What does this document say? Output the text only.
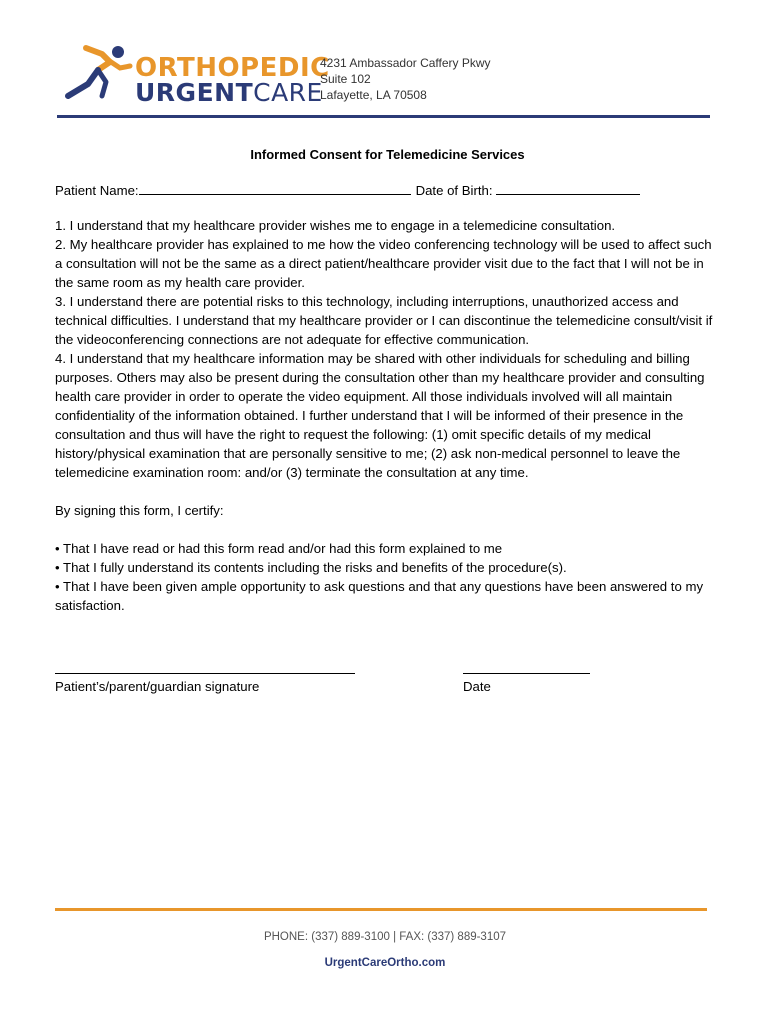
ORTHOPEDIC
URGENTCARE
4231 Ambassador Caffery Pkwy
Suite 102
Lafayette, LA 70508
Informed Consent for Telemedicine Services
Patient Name:	Date of Birth:

1. I understand that my healthcare provider wishes me to engage in a telemedicine consultation.

2. My healthcare provider has explained to me how the video conferencing technology will be used to affect such a consultation will not be the same as a direct patient/healthcare provider visit due to the fact that I will not be in the same room as my health care provider.

3. I understand there are potential risks to this technology, including interruptions, unauthorized access and technical difficulties. I understand that my healthcare provider or I can discontinue the telemedicine consult/visit if the videoconferencing connections are not adequate for effective communication.

4. I understand that my healthcare information may be shared with other individuals for scheduling and billing purposes. Others may also be present during the consultation other than my healthcare provider and consulting health care provider in order to operate the video equipment. All those individuals involved will all maintain confidentiality of the information obtained. I further understand that I will be informed of their presence in the consultation and thus will have the right to request the following: (1) omit specific details of my medical history/physical examination that are personally sensitive to me; (2) ask non-medical personnel to leave the telemedicine examination room: and/or (3) terminate the consultation at any time.

By signing this form, I certify:

• That I have read or had this form read and/or had this form explained to me

• That I fully understand its contents including the risks and benefits of the procedure(s).

• That I have been given ample opportunity to ask questions and that any questions have been answered to my satisfaction.

Patient’s/parent/guardian signature	Date
PHONE: (337) 889-3100 | FAX: (337) 889-3107
UrgentCareOrtho.com
